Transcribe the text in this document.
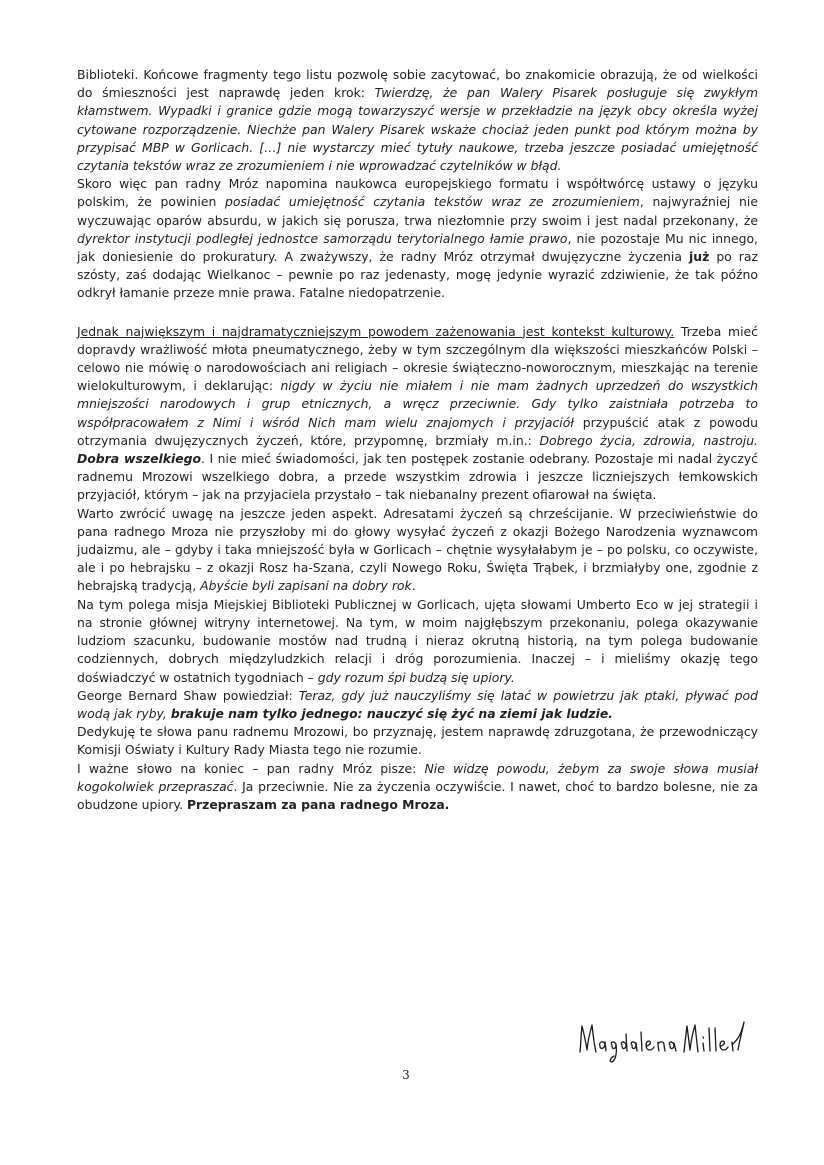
Biblioteki. Końcowe fragmenty tego listu pozwolę sobie zacytować, bo znakomicie obrazują, że od wielkości do śmieszności jest naprawdę jeden krok: Twierdzę, że pan Walery Pisarek posługuje się zwykłym kłamstwem. Wypadki i granice gdzie mogą towarzyszyć wersje w przekładzie na język obcy określa wyżej cytowane rozporządzenie. Niechże pan Walery Pisarek wskaże chociaż jeden punkt pod którym można by przypisać MBP w Gorlicach. […] nie wystarczy mieć tytuły naukowe, trzeba jeszcze posiadać umiejętność czytania tekstów wraz ze zrozumieniem i nie wprowadzać czytelników w błąd.

Skoro więc pan radny Mróz napomina naukowca europejskiego formatu i współtwórcę ustawy o języku polskim, że powinien posiadać umiejętność czytania tekstów wraz ze zrozumieniem, najwyraźniej nie wyczuwając oparów absurdu, w jakich się porusza, trwa niezłomnie przy swoim i jest nadal przekonany, że dyrektor instytucji podległej jednostce samorządu terytorialnego łamie prawo, nie pozostaje Mu nic innego, jak doniesienie do prokuratury. A zważywszy, że radny Mróz otrzymał dwujęzyczne życzenia już po raz szósty, zaś dodając Wielkanoc – pewnie po raz jedenasty, mogę jedynie wyrazić zdziwienie, że tak późno odkrył łamanie przeze mnie prawa. Fatalne niedopatrzenie.

Jednak największym i najdramatyczniejszym powodem zażenowania jest kontekst kulturowy. Trzeba mieć dopravdy wrażliwość młota pneumatycznego, żeby w tym szczególnym dla większości mieszkańców Polski – celowo nie mówię o narodowościach ani religiach – okresie świąteczno-noworocznym, mieszkając na terenie wielokulturowym, i deklarując: nigdy w życiu nie miałem i nie mam żadnych uprzedzeń do wszystkich mniejszości narodowych i grup etnicznych, a wręcz przeciwnie. Gdy tylko zaistniała potrzeba to współpracowałem z Nimi i wśród Nich mam wielu znajomych i przyjaciół przypuścić atak z powodu otrzymania dwujęzycznych życzeń, które, przypomnę, brzmiały m.in.: Dobrego życia, zdrowia, nastroju. Dobra wszelkiego. I nie mieć świadomości, jak ten postępek zostanie odebrany. Pozostaje mi nadal życzyć radnemu Mrozowi wszelkiego dobra, a przede wszystkim zdrowia i jeszcze liczniejszych łemkowskich przyjaciół, którym – jak na przyjaciela przystało – tak niebanalny prezent ofiarował na święta.

Warto zwrócić uwagę na jeszcze jeden aspekt. Adresatami życzeń są chrześcijanie. W przeciwieństwie do pana radnego Mroza nie przyszłoby mi do głowy wysyłać życzeń z okazji Bożego Narodzenia wyznawcom judaizmu, ale – gdyby i taka mniejszość była w Gorlicach – chętnie wysyłałabym je – po polsku, co oczywiste, ale i po hebrajsku – z okazji Rosz ha-Szana, czyli Nowego Roku, Święta Trąbek, i brzmiałyby one, zgodnie z hebrajską tradycją, Abyście byli zapisani na dobry rok.

Na tym polega misja Miejskiej Biblioteki Publicznej w Gorlicach, ujęta słowami Umberto Eco w jej strategii i na stronie głównej witryny internetowej. Na tym, w moim najgłębszym przekonaniu, polega okazywanie ludziom szacunku, budowanie mostów nad trudną i nieraz okrutną historią, na tym polega budowanie codziennych, dobrych międzyludzkich relacji i dróg porozumienia. Inaczej – i mieliśmy okazję tego doświadczyć w ostatnich tygodniach – gdy rozum śpi budzą się upiory.

George Bernard Shaw powiedział: Teraz, gdy już nauczyliśmy się latać w powietrzu jak ptaki, pływać pod wodą jak ryby, brakuje nam tylko jednego: nauczyć się żyć na ziemi jak ludzie.

Dedykuję te słowa panu radnemu Mrozowi, bo przyznaję, jestem naprawdę zdruzgotana, że przewodniczący Komisji Oświaty i Kultury Rady Miasta tego nie rozumie.

I ważne słowo na koniec – pan radny Mróz pisze: Nie widzę powodu, żebym za swoje słowa musiał kogokolwiek przepraszać. Ja przeciwnie. Nie za życzenia oczywiście. I nawet, choć to bardzo bolesne, nie za obudzone upiory. Przepraszam za pana radnego Mroza.

3
